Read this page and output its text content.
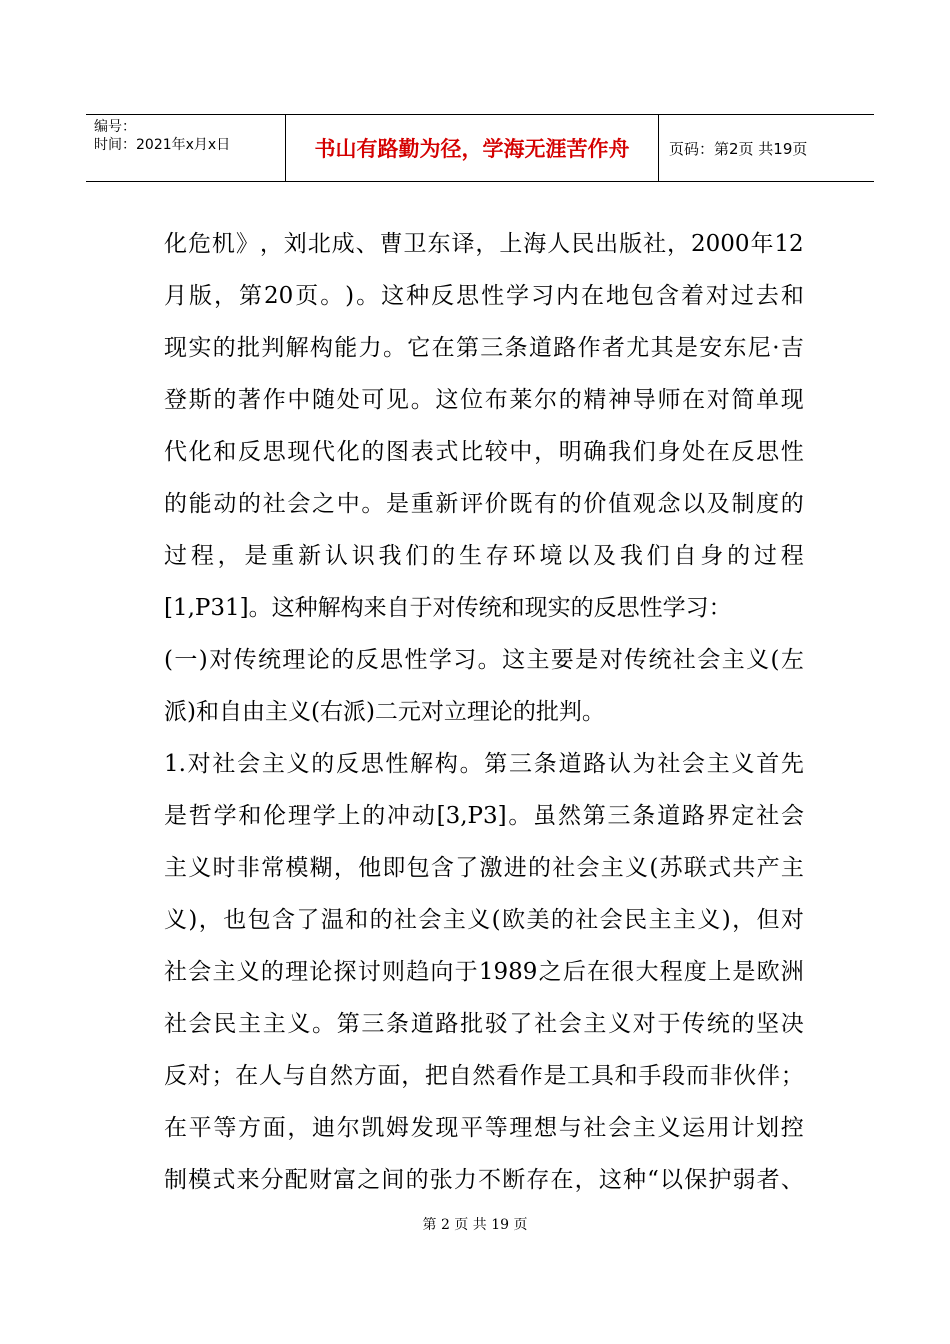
编号：
时间：2021年x月x日	书山有路勤为径，学海无涯苦作舟	页码：第2页 共19页
化 危 机 》 ， 刘 北 成 、 曹 卫 东 译 ， 上 海 人 民 出 版 社 ， 2000 年 12
月 版 ， 第 20 页 。 ) 。 这 种 反 思 性 学 习 内 在 地 包 含 着 对 过 去 和
现 实 的 批 判 解 构 能 力 。 它 在 第 三 条 道 路 作 者 尤 其 是 安 东 尼 · 吉
登 斯 的 著 作 中 随 处 可 见 。 这 位 布 莱 尔 的 精 神 导 师 在 对 简 单 现
代 化 和 反 思 现 代 化 的 图 表 式 比 较 中 ， 明 确 我 们 身 处 在 反 思 性
的 能 动 的 社 会 之 中 。 是 重 新 评 价 既 有 的 价 值 观 念 以 及 制 度 的
过 程 ， 是 重 新 认 识 我 们 的 生 存 环 境 以 及 我 们 自 身 的 过 程
[1,P31]。这种解构来自于对传统和现实的反思性学习：
( 一 ) 对 传 统 理 论 的 反 思 性 学 习 。 这 主 要 是 对 传 统 社 会 主 义 ( 左
派)和自由主义(右派)二元对立理论的批判。
1. 对 社 会 主 义 的 反 思 性 解 构 。 第 三 条 道 路 认 为 社 会 主 义 首 先
是 哲 学 和 伦 理 学 上 的 冲 动 [3,P3] 。 虽 然 第 三 条 道 路 界 定 社 会
主 义 时 非 常 模 糊 ， 他 即 包 含 了 激 进 的 社 会 主 义 ( 苏 联 式 共 产 主
义 ) ， 也 包 含 了 温 和 的 社 会 主 义 ( 欧 美 的 社 会 民 主 主 义 ) ， 但 对
社 会 主 义 的 理 论 探 讨 则 趋 向 于 1989 之 后 在 很 大 程 度 上 是 欧 洲
社 会 民 主 主 义 。 第 三 条 道 路 批 驳 了 社 会 主 义 对 于 传 统 的 坚 决
反 对 ； 在 人 与 自 然 方 面 ， 把 自 然 看 作 是 工 具 和 手 段 而 非 伙 伴 ；
在 平 等 方 面 ， 迪 尔 凯 姆 发 现 平 等 理 想 与 社 会 主 义 运 用 计 划 控
制 模 式 来 分 配 财 富 之 间 的 张 力 不 断 存 在 ， 这 种 “ 以 保 护 弱 者 、
第 2 页 共 19 页
